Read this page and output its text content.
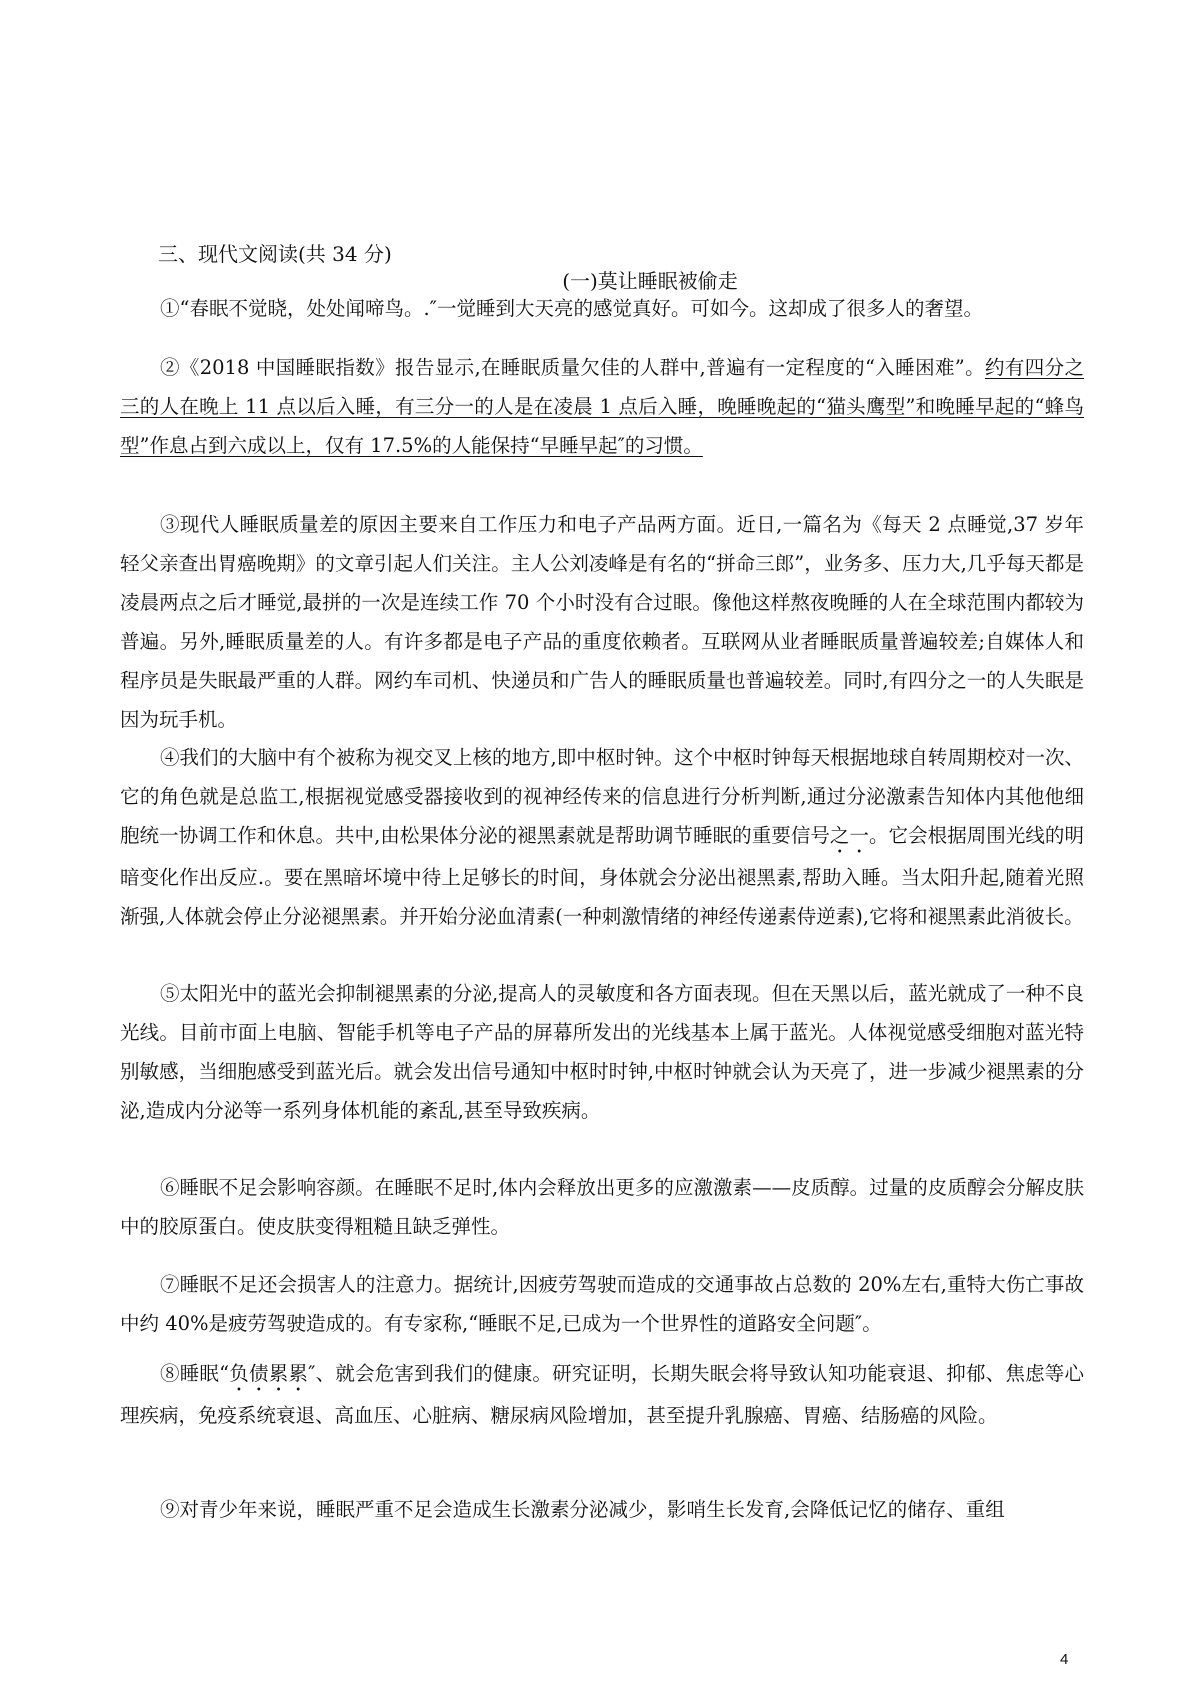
三、现代文阅读(共 34 分)
(一)莫让睡眠被偷走

①“春眠不觉晓，处处闻啼鸟。.″一觉睡到大天亮的感觉真好。可如今。这却成了很多人的奢望。

②《2018 中国睡眠指数》报告显示,在睡眠质量欠佳的人群中,普遍有一定程度的“入睡困难”。约有四分之三的人在晚上 11 点以后入睡，有三分一的人是在凌晨 1 点后入睡，晚睡晚起的“猫头鹰型”和晚睡早起的“蜂鸟型”作息占到六成以上，仅有 17.5%的人能保持“早睡早起″的习惯。

③现代人睡眠质量差的原因主要来自工作压力和电子产品两方面。近日,一篇名为《每天 2 点睡觉,37 岁年轻父亲查出胃癌晚期》的文章引起人们关注。主人公刘凌峰是有名的“拼命三郎”，业务多、压力大,几乎每天都是凌晨两点之后才睡觉,最拼的一次是连续工作 70 个小时没有合过眼。像他这样熬夜晚睡的人在全球范围内都较为普遍。另外,睡眠质量差的人。有许多都是电子产品的重度依赖者。互联网从业者睡眠质量普遍较差;自媒体人和程序员是失眠最严重的人群。网约车司机、快递员和广告人的睡眠质量也普遍较差。同时,有四分之一的人失眠是因为玩手机。

④我们的大脑中有个被称为视交叉上核的地方,即中枢时钟。这个中枢时钟每天根据地球自转周期校对一次、它的角色就是总监工,根据视觉感受器接收到的视神经传来的信息进行分析判断,通过分泌激素告知体内其他他细胞统一协调工作和休息。共中,由松果体分泌的褪黑素就是帮助调节睡眠的重要信号之一。它会根据周围光线的明暗变化作出反应.。要在黑暗坏境中待上足够长的时间，身体就会分泌出褪黑素,帮助入睡。当太阳升起,随着光照渐强,人体就会停止分泌褪黑素。并开始分泌血清素(一种刺激情绪的神经传递素侍逆素),它将和褪黑素此消彼长。

⑤太阳光中的蓝光会抑制褪黑素的分泌,提高人的灵敏度和各方面表现。但在天黑以后，蓝光就成了一种不良光线。目前市面上电脑、智能手机等电子产品的屏幕所发出的光线基本上属于蓝光。人体视觉感受细胞对蓝光特别敏感，当细胞感受到蓝光后。就会发出信号通知中枢时时钟,中枢时钟就会认为天亮了，进一步减少褪黑素的分泌,造成内分泌等一系列身体机能的紊乱,甚至导致疾病。

⑥睡眠不足会影响容颜。在睡眠不足时,体内会释放出更多的应激激素——皮质醇。过量的皮质醇会分解皮肤中的胶原蛋白。使皮肤变得粗糙且缺乏弹性。

⑦睡眠不足还会损害人的注意力。据统计,因疲劳驾驶而造成的交通事故占总数的 20%左右,重特大伤亡事故中约 40%是疲劳驾驶造成的。有专家称,“睡眠不足,已成为一个世界性的道路安全问题″。

⑧睡眠“负债累累″、就会危害到我们的健康。研究证明，长期失眠会将导致认知功能衰退、抑郁、焦虑等心理疾病，免疫系统衰退、高血压、心脏病、糖尿病风险增加，甚至提升乳腺癌、胃癌、结肠癌的风险。

⑨对青少年来说，睡眠严重不足会造成生长激素分泌减少，影哨生长发育,会降低记忆的储存、重组

4
